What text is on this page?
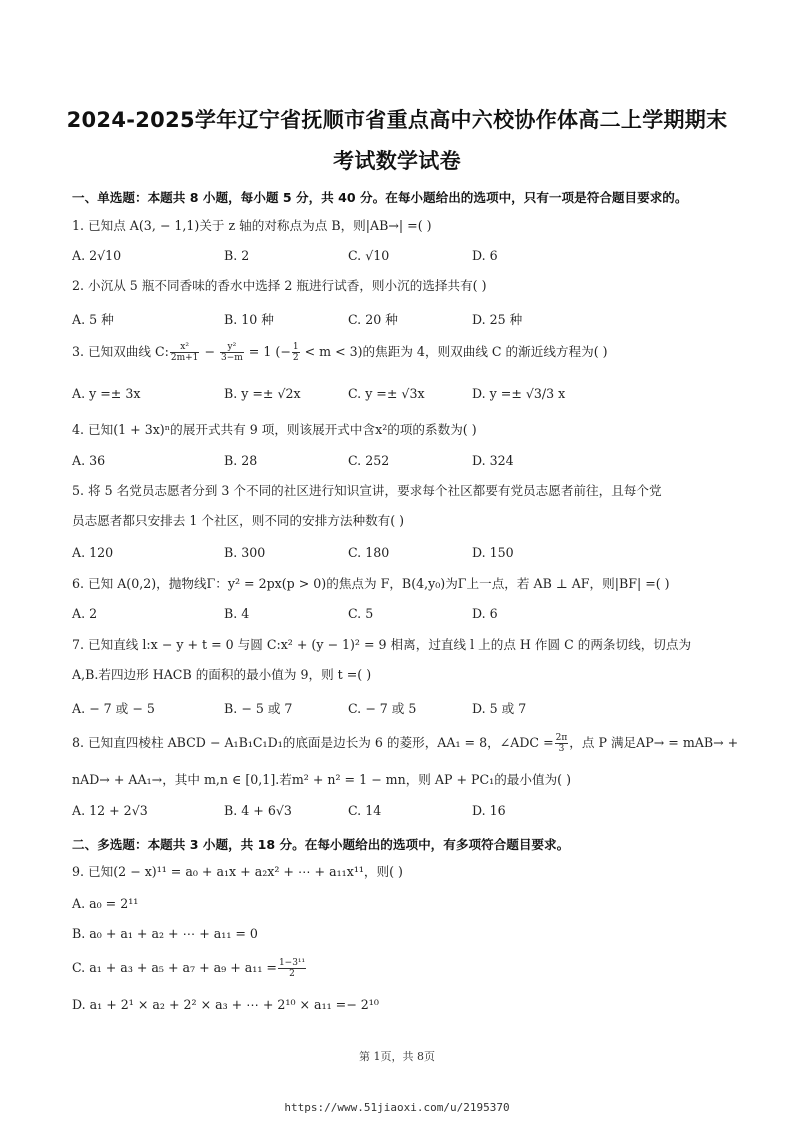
2024-2025学年辽宁省抚顺市省重点高中六校协作体高二上学期期末
考试数学试卷
一、单选题：本题共 8 小题，每小题 5 分，共 40 分。在每小题给出的选项中，只有一项是符合题目要求的。
1. 已知点 A(3, − 1,1)关于 z 轴的对称点为点 B，则|AB→| =( )
A. 2√10	B. 2	C. √10	D. 6
2. 小沉从 5 瓶不同香味的香水中选择 2 瓶进行试香，则小沉的选择共有( )
A. 5 种	B. 10 种	C. 20 种	D. 25 种
3. 已知双曲线 C: $\frac{\text{x²}}{2m+1} - \frac{\text{y²}}{3-m} = 1$ (− $\frac{1}{2} < m < 3$)的焦距为 4，则双曲线 C 的渐近线方程为( )
A. y =± 3x	B. y =± √2x	C. y =± √3x	D. y =± √3/3 x
4. 已知(1 + 3x)ⁿ的展开式共有 9 项，则该展开式中含x²的项的系数为( )
A. 36	B. 28	C. 252	D. 324
5. 将 5 名党员志愿者分到 3 个不同的社区进行知识宣讲，要求每个社区都要有党员志愿者前往，且每个党
员志愿者都只安排去 1 个社区，则不同的安排方法种数有( )
A. 120	B. 300	C. 180	D. 150
6. 已知 A(0,2)，抛物线Γ：y² = 2px(p > 0)的焦点为 F，B(4,y₀)为Γ上一点，若 AB ⊥ AF，则|BF| =( )
A. 2	B. 4	C. 5	D. 6
7. 已知直线 l:x − y + t = 0 与圆 C:x² + (y − 1)² = 9 相离，过直线 l 上的点 H 作圆 C 的两条切线，切点为
A,B.若四边形 HACB 的面积的最小值为 9，则 t =( )
A. − 7 或 − 5	B. − 5 或 7	C. − 7 或 5	D. 5 或 7
8. 已知直四棱柱 ABCD − A₁B₁C₁D₁的底面是边长为 6 的菱形，AA₁ = 8，∠ADC = $\frac{2\pi}{3}$ ，点 P 满足AP→ = mAB→ +
nAD→ + AA₁→，其中 m,n ∈ [0,1].若m² + n² = 1 − mn，则 AP + PC₁的最小值为( )
A. 12 + 2√3	B. 4 + 6√3	C. 14	D. 16
二、多选题：本题共 3 小题，共 18 分。在每小题给出的选项中，有多项符合题目要求。
9. 已知(2 − x)¹¹ = a₀ + a₁x + a₂x² + ⋯ + a₁₁x¹¹，则( )
A. a₀ = 2¹¹
B. a₀ + a₁ + a₂ + ⋯ + a₁₁ = 0
C. $a_1 + a_3 + a_5 + a_7 + a_9 + a_{11} = \frac{\text{1−3¹¹}}{2}$
D. a₁ + 2¹ × a₂ + 2² × a₃ + ⋯ + 2¹⁰ × a₁₁ =− 2¹⁰
第 1页，共 8页
https://www.51jiaoxi.com/u/2195370
